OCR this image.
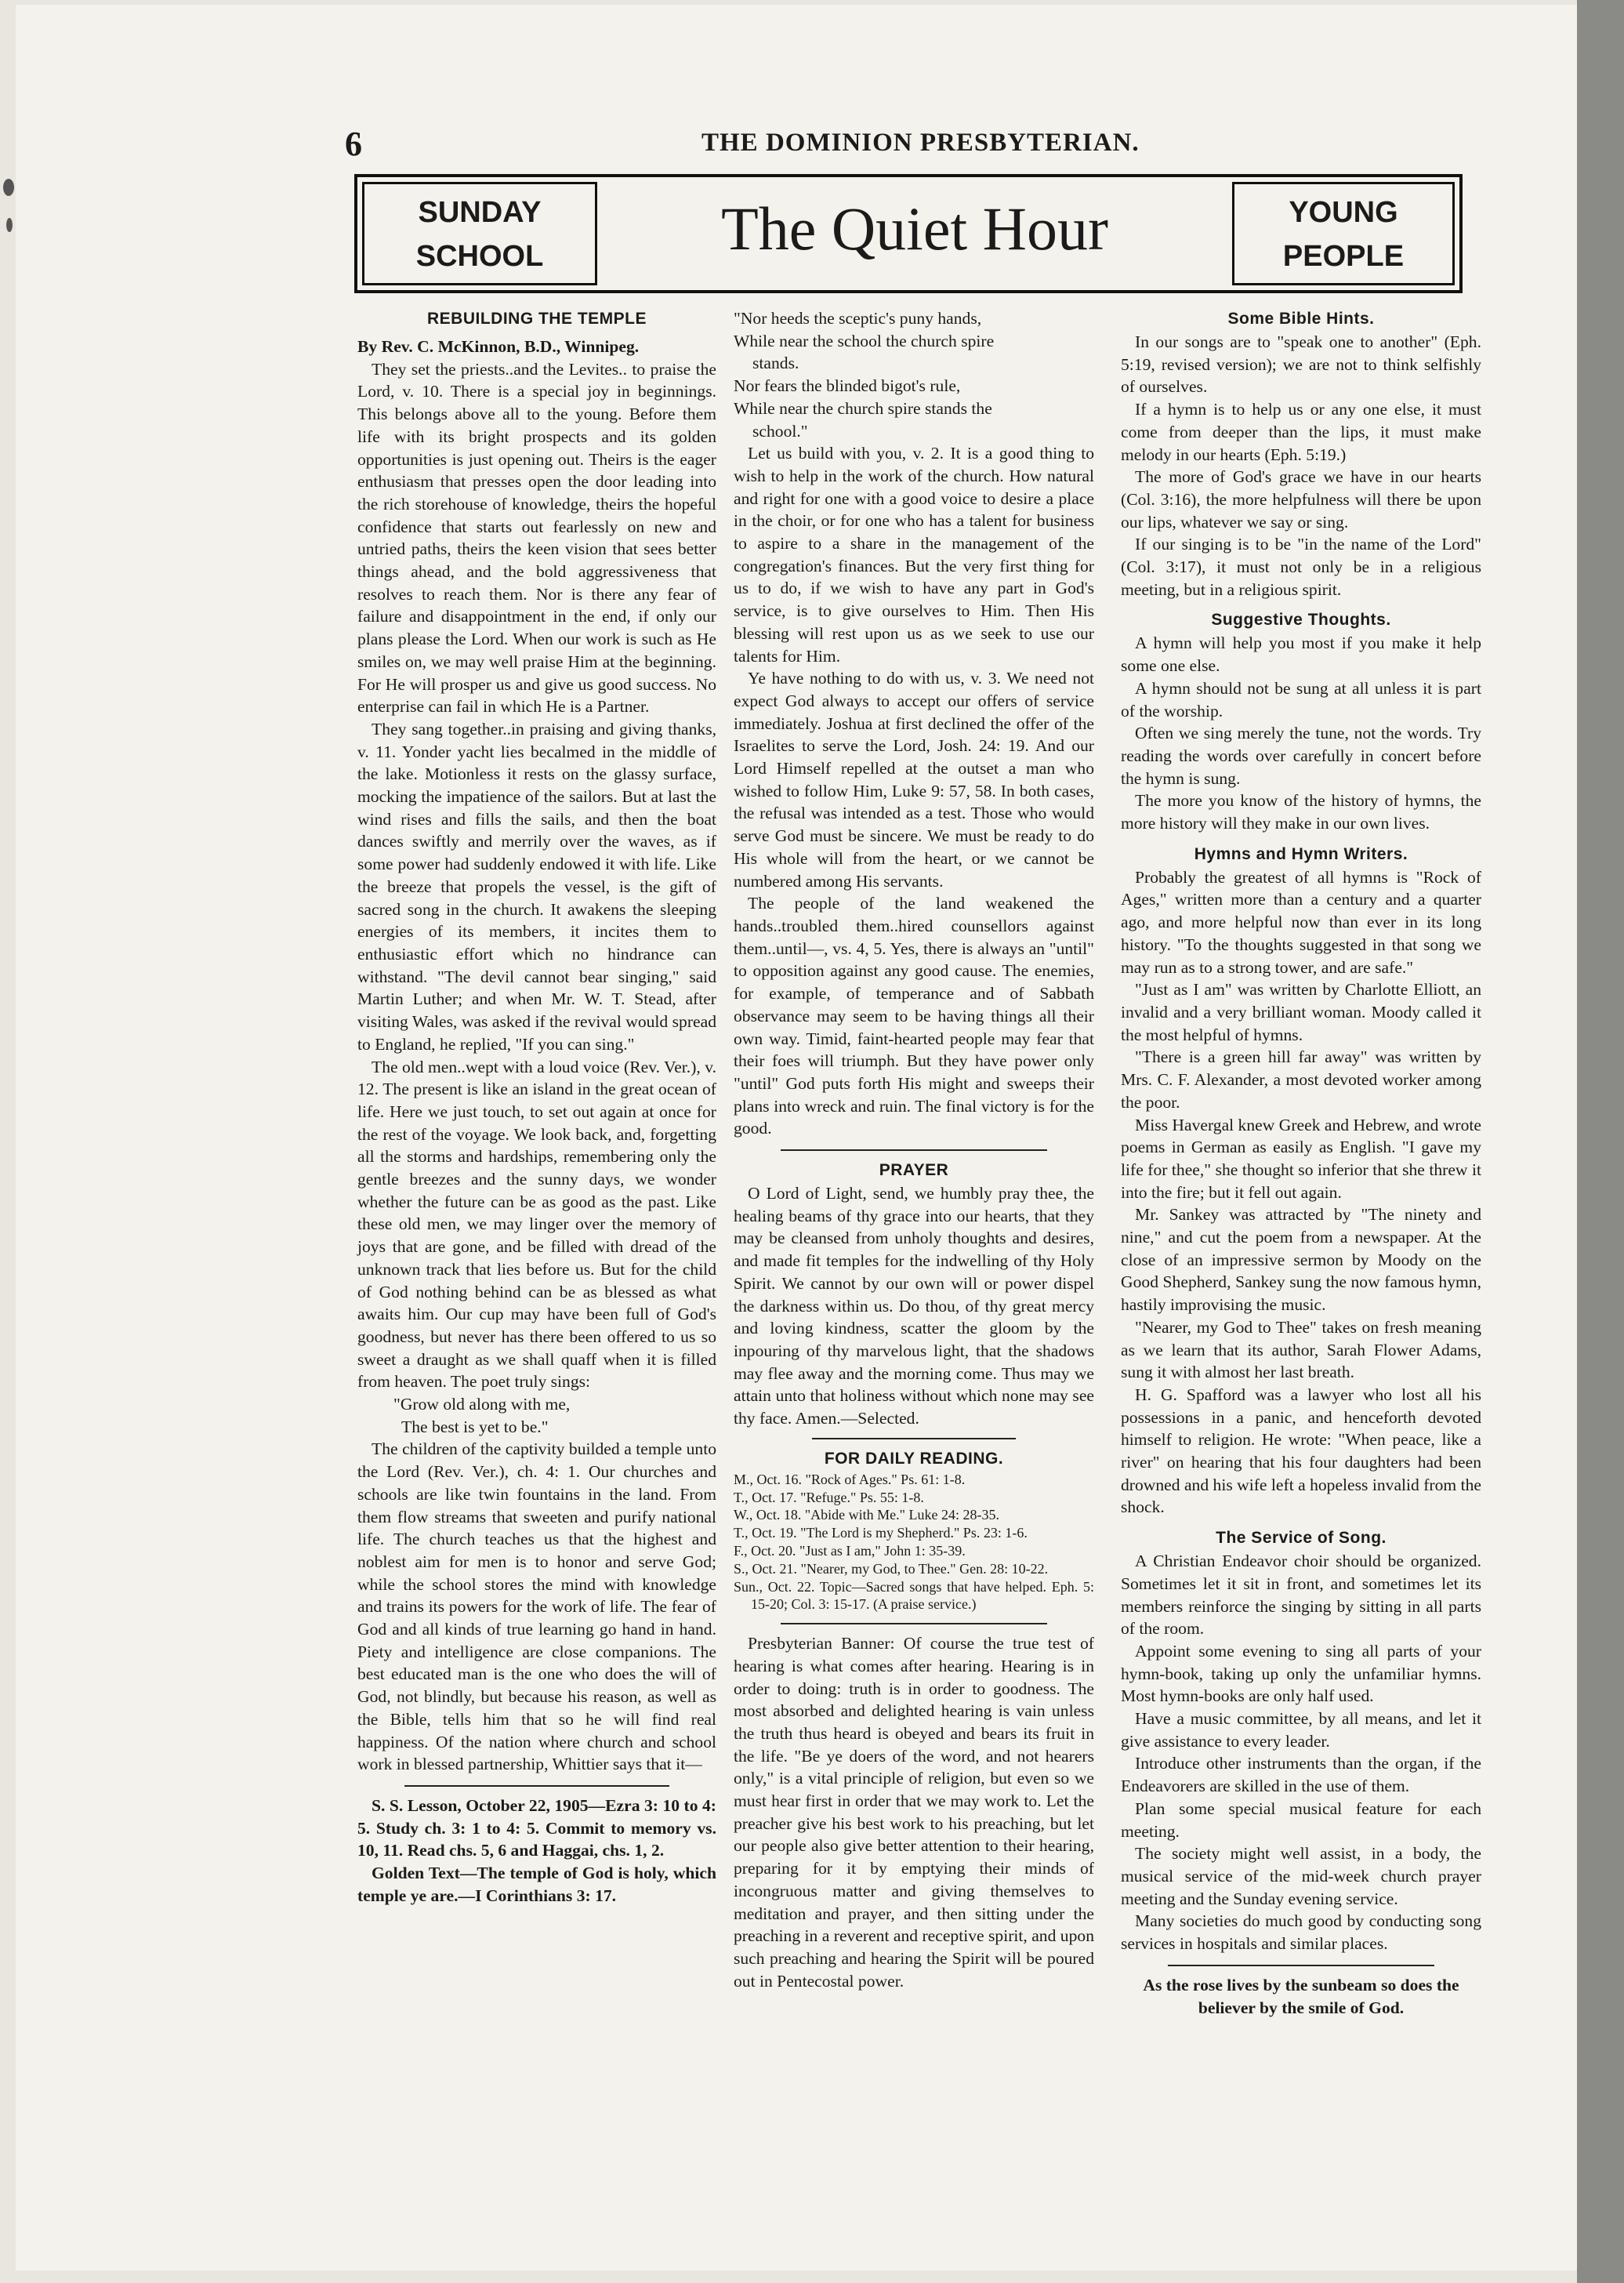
6	THE DOMINION PRESBYTERIAN.
SUNDAY
SCHOOL	The Quiet Hour	YOUNG
PEOPLE
REBUILDING THE TEMPLE

By Rev. C. McKinnon, B.D., Winnipeg.

They set the priests..and the Levites.. to praise the Lord, v. 10. There is a special joy in beginnings. This belongs above all to the young. Before them life with its bright prospects and its golden opportunities is just opening out. Theirs is the eager enthusiasm that presses open the door leading into the rich storehouse of knowledge, theirs the hopeful confidence that starts out fearlessly on new and untried paths, theirs the keen vision that sees better things ahead, and the bold aggressiveness that resolves to reach them. Nor is there any fear of failure and disappointment in the end, if only our plans please the Lord. When our work is such as He smiles on, we may well praise Him at the beginning. For He will prosper us and give us good success. No enterprise can fail in which He is a Partner.

They sang together..in praising and giving thanks, v. 11. Yonder yacht lies becalmed in the middle of the lake. Motionless it rests on the glassy surface, mocking the impatience of the sailors. But at last the wind rises and fills the sails, and then the boat dances swiftly and merrily over the waves, as if some power had suddenly endowed it with life. Like the breeze that propels the vessel, is the gift of sacred song in the church. It awakens the sleeping energies of its members, it incites them to enthusiastic effort which no hindrance can withstand. "The devil cannot bear singing," said Martin Luther; and when Mr. W. T. Stead, after visiting Wales, was asked if the revival would spread to England, he replied, "If you can sing."

The old men..wept with a loud voice (Rev. Ver.), v. 12. The present is like an island in the great ocean of life. Here we just touch, to set out again at once for the rest of the voyage. We look back, and, forgetting all the storms and hardships, remembering only the gentle breezes and the sunny days, we wonder whether the future can be as good as the past. Like these old men, we may linger over the memory of joys that are gone, and be filled with dread of the unknown track that lies before us. But for the child of God nothing behind can be as blessed as what awaits him. Our cup may have been full of God's goodness, but never has there been offered to us so sweet a draught as we shall quaff when it is filled from heaven. The poet truly sings:

"Grow old along with me,
The best is yet to be."

The children of the captivity builded a temple unto the Lord (Rev. Ver.), ch. 4: 1. Our churches and schools are like twin fountains in the land. From them flow streams that sweeten and purify national life. The church teaches us that the highest and noblest aim for men is to honor and serve God; while the school stores the mind with knowledge and trains its powers for the work of life. The fear of God and all kinds of true learning go hand in hand. Piety and intelligence are close companions. The best educated man is the one who does the will of God, not blindly, but because his reason, as well as the Bible, tells him that so he will find real happiness. Of the nation where church and school work in blessed partnership, Whittier says that it—

S. S. Lesson, October 22, 1905—Ezra 3: 10 to 4: 5. Study ch. 3: 1 to 4: 5. Commit to memory vs. 10, 11. Read chs. 5, 6 and Haggai, chs. 1, 2.

Golden Text—The temple of God is holy, which temple ye are.—I Corinthians 3: 17.

"Nor heeds the sceptic's puny hands,
While near the school the church spire
stands.
Nor fears the blinded bigot's rule,
While near the church spire stands the
school."

Let us build with you, v. 2. It is a good thing to wish to help in the work of the church. How natural and right for one with a good voice to desire a place in the choir, or for one who has a talent for business to aspire to a share in the management of the congregation's finances. But the very first thing for us to do, if we wish to have any part in God's service, is to give ourselves to Him. Then His blessing will rest upon us as we seek to use our talents for Him.

Ye have nothing to do with us, v. 3. We need not expect God always to accept our offers of service immediately. Joshua at first declined the offer of the Israelites to serve the Lord, Josh. 24: 19. And our Lord Himself repelled at the outset a man who wished to follow Him, Luke 9: 57, 58. In both cases, the refusal was intended as a test. Those who would serve God must be sincere. We must be ready to do His whole will from the heart, or we cannot be numbered among His servants.

The people of the land weakened the hands..troubled them..hired counsellors against them..until—, vs. 4, 5. Yes, there is always an "until" to opposition against any good cause. The enemies, for example, of temperance and of Sabbath observance may seem to be having things all their own way. Timid, faint-hearted people may fear that their foes will triumph. But they have power only "until" God puts forth His might and sweeps their plans into wreck and ruin. The final victory is for the good.

PRAYER

O Lord of Light, send, we humbly pray thee, the healing beams of thy grace into our hearts, that they may be cleansed from unholy thoughts and desires, and made fit temples for the indwelling of thy Holy Spirit. We cannot by our own will or power dispel the darkness within us. Do thou, of thy great mercy and loving kindness, scatter the gloom by the inpouring of thy marvelous light, that the shadows may flee away and the morning come. Thus may we attain unto that holiness without which none may see thy face. Amen.—Selected.

FOR DAILY READING.
M., Oct. 16. "Rock of Ages." Ps. 61: 1-8.
T., Oct. 17. "Refuge." Ps. 55: 1-8.
W., Oct. 18. "Abide with Me." Luke 24: 28-35.
T., Oct. 19. "The Lord is my Shepherd." Ps. 23: 1-6.
F., Oct. 20. "Just as I am," John 1: 35-39.
S., Oct. 21. "Nearer, my God, to Thee." Gen. 28: 10-22.
Sun., Oct. 22. Topic—Sacred songs that have helped. Eph. 5: 15-20; Col. 3: 15-17. (A praise service.)

Presbyterian Banner: Of course the true test of hearing is what comes after hearing. Hearing is in order to doing: truth is in order to goodness. The most absorbed and delighted hearing is vain unless the truth thus heard is obeyed and bears its fruit in the life. "Be ye doers of the word, and not hearers only," is a vital principle of religion, but even so we must hear first in order that we may work to. Let the preacher give his best work to his preaching, but let our people also give better attention to their hearing, preparing for it by emptying their minds of incongruous matter and giving themselves to meditation and prayer, and then sitting under the preaching in a reverent and receptive spirit, and upon such preaching and hearing the Spirit will be poured out in Pentecostal power.

Some Bible Hints.

In our songs are to "speak one to another" (Eph. 5:19, revised version); we are not to think selfishly of ourselves.

If a hymn is to help us or any one else, it must come from deeper than the lips, it must make melody in our hearts (Eph. 5:19.)

The more of God's grace we have in our hearts (Col. 3:16), the more helpfulness will there be upon our lips, whatever we say or sing.

If our singing is to be "in the name of the Lord" (Col. 3:17), it must not only be in a religious meeting, but in a religious spirit.

Suggestive Thoughts.

A hymn will help you most if you make it help some one else.

A hymn should not be sung at all unless it is part of the worship.

Often we sing merely the tune, not the words. Try reading the words over carefully in concert before the hymn is sung.

The more you know of the history of hymns, the more history will they make in our own lives.

Hymns and Hymn Writers.

Probably the greatest of all hymns is "Rock of Ages," written more than a century and a quarter ago, and more helpful now than ever in its long history. "To the thoughts suggested in that song we may run as to a strong tower, and are safe."

"Just as I am" was written by Charlotte Elliott, an invalid and a very brilliant woman. Moody called it the most helpful of hymns.

"There is a green hill far away" was written by Mrs. C. F. Alexander, a most devoted worker among the poor.

Miss Havergal knew Greek and Hebrew, and wrote poems in German as easily as English. "I gave my life for thee," she thought so inferior that she threw it into the fire; but it fell out again.

Mr. Sankey was attracted by "The ninety and nine," and cut the poem from a newspaper. At the close of an impressive sermon by Moody on the Good Shepherd, Sankey sung the now famous hymn, hastily improvising the music.

"Nearer, my God to Thee" takes on fresh meaning as we learn that its author, Sarah Flower Adams, sung it with almost her last breath.

H. G. Spafford was a lawyer who lost all his possessions in a panic, and henceforth devoted himself to religion. He wrote: "When peace, like a river" on hearing that his four daughters had been drowned and his wife left a hopeless invalid from the shock.

The Service of Song.

A Christian Endeavor choir should be organized. Sometimes let it sit in front, and sometimes let its members reinforce the singing by sitting in all parts of the room.

Appoint some evening to sing all parts of your hymn-book, taking up only the unfamiliar hymns. Most hymn-books are only half used.

Have a music committee, by all means, and let it give assistance to every leader.

Introduce other instruments than the organ, if the Endeavorers are skilled in the use of them.

Plan some special musical feature for each meeting.

The society might well assist, in a body, the musical service of the mid-week church prayer meeting and the Sunday evening service.

Many societies do much good by conducting song services in hospitals and similar places.

As the rose lives by the sunbeam so does the believer by the smile of God.
